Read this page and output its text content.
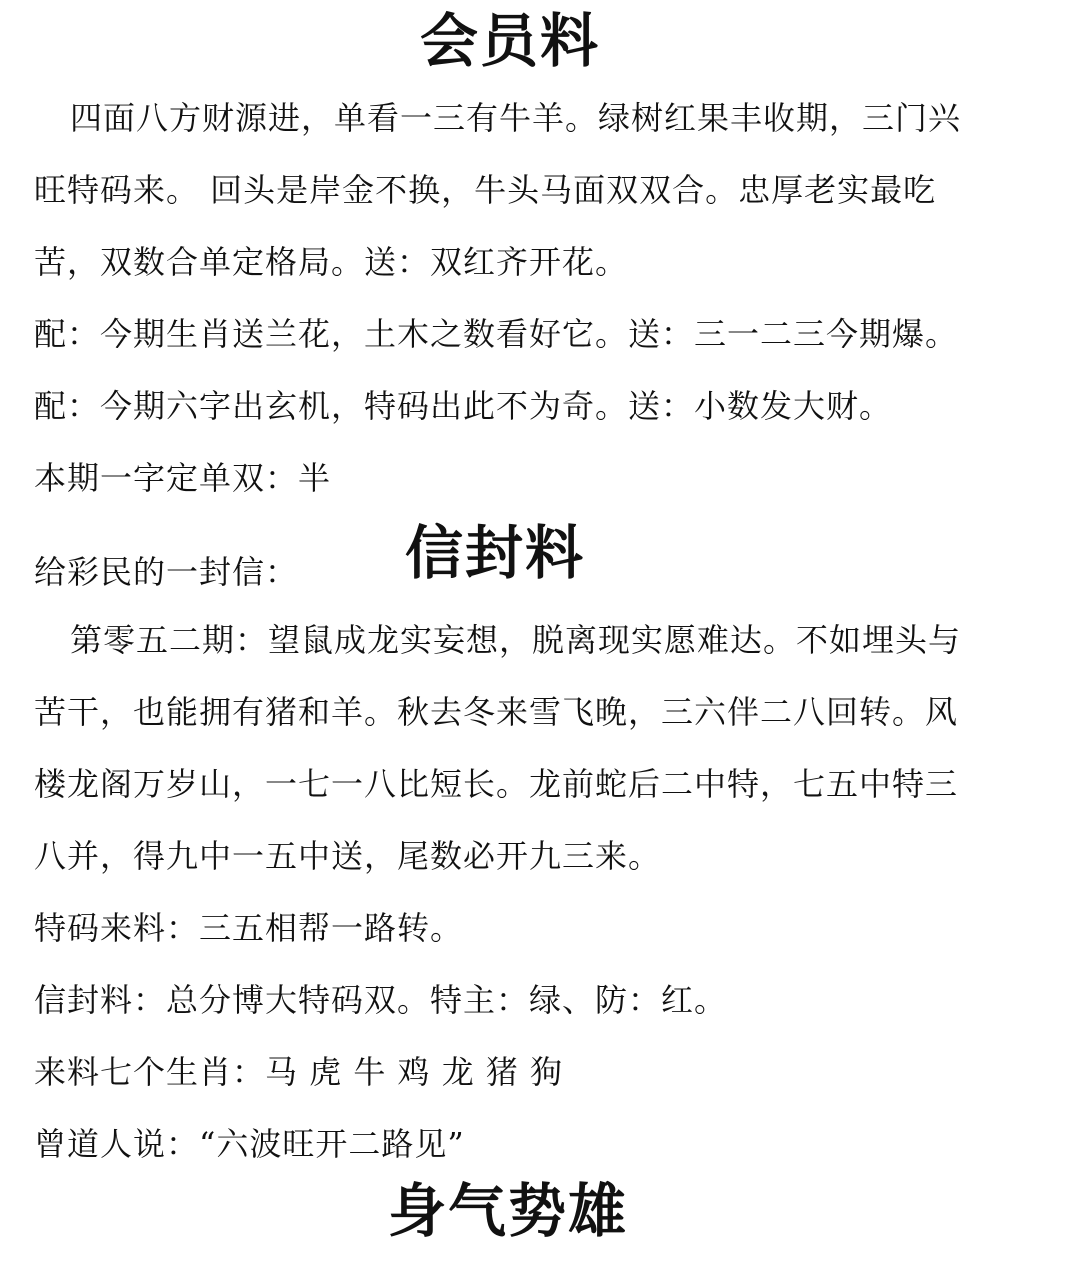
会员料
四面八方财源进，单看一三有牛羊。绿树红果丰收期，三门兴
旺特码来。 回头是岸金不换，牛头马面双双合。忠厚老实最吃
苦，双数合单定格局。送：双红齐开花。
配：今期生肖送兰花，土木之数看好它。送：三一二三今期爆。
配：今期六字出玄机，特码出此不为奇。送：小数发大财。
本期一字定单双：半
给彩民的一封信： 信封料
第零五二期：望鼠成龙实妄想，脱离现实愿难达。不如埋头与
苦干，也能拥有猪和羊。秋去冬来雪飞晚，三六伴二八回转。风
楼龙阁万岁山，一七一八比短长。龙前蛇后二中特，七五中特三
八并，得九中一五中送，尾数必开九三来。
特码来料：三五相帮一路转。
信封料：总分博大特码双。特主：绿、防：红。
来料七个生肖：马 虎 牛 鸡 龙 猪 狗
曾道人说：“六波旺开二路见”
身气势雄
